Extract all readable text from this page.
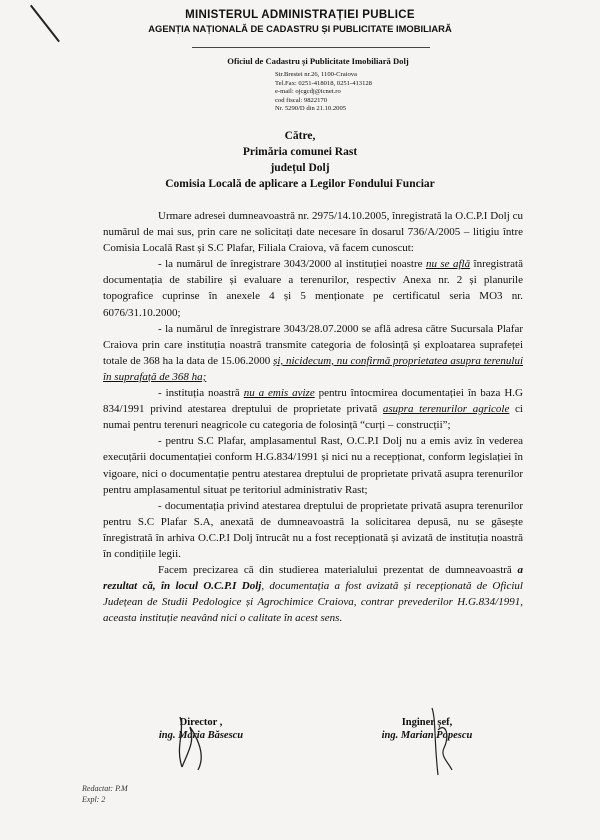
MINISTERUL ADMINISTRAȚIEI PUBLICE
AGENȚIA NAȚIONALĂ DE CADASTRU ȘI PUBLICITATE IMOBILIARĂ
Oficiul de Cadastru și Publicitate Imobiliară Dolj
Str.Brestei nr.26, 1100-Craiova
Tel.Fax: 0251-418018, 0251-413128
e-mail: ojcgcdj@icnet.ro
cod fiscal: 9822170
Nr. 5290/D din 21.10.2005
Către,
Primăria comunei Rast
județul Dolj
Comisia Locală de aplicare a Legilor Fondului Funciar

Urmare adresei dumneavoastră nr. 2975/14.10.2005, înregistrată la O.C.P.I Dolj cu numărul de mai sus, prin care ne solicitați date necesare în dosarul 736/A/2005 – litigiu între Comisia Locală Rast și S.C Plafar, Filiala Craiova, vă facem cunoscut:

- la numărul de înregistrare 3043/2000 al instituției noastre nu se află înregistrată documentația de stabilire și evaluare a terenurilor, respectiv Anexa nr. 2 și planurile topografice cuprinse în anexele 4 și 5 menționate pe certificatul seria MO3 nr. 6076/31.10.2000;

- la numărul de înregistrare 3043/28.07.2000 se află adresa către Sucursala Plafar Craiova prin care instituția noastră transmite categoria de folosință și exploatarea suprafeței totale de 368 ha la data de 15.06.2000 și, nicidecum, nu confirmă proprietatea asupra terenului în suprafață de 368 ha;

- instituția noastră nu a emis avize pentru întocmirea documentației în baza H.G 834/1991 privind atestarea dreptului de proprietate privată asupra terenurilor agricole ci numai pentru terenuri neagricole cu categoria de folosință “curți – construcții”;

- pentru S.C Plafar, amplasamentul Rast, O.C.P.I Dolj nu a emis aviz în vederea execuțării documentației conform H.G.834/1991 și nici nu a recepționat, conform legislației în vigoare, nici o documentație pentru atestarea dreptului de proprietate privată asupra terenurilor pentru amplasamentul situat pe teritoriul administrativ Rast;

- documentația privind atestarea dreptului de proprietate privată asupra terenurilor pentru S.C Plafar S.A, anexată de dumneavoastră la solicitarea depusă, nu se găsește înregistrată în arhiva O.C.P.I Dolj întrucât nu a fost recepționată și avizată de instituția noastră în condițiile legii.

Facem precizarea că din studierea materialului prezentat de dumneavoastră a rezultat că, în locul O.C.P.I Dolj, documentația a fost avizată și recepționată de Oficiul Județean de Studii Pedologice și Agrochimice Craiova, contrar prevederilor H.G.834/1991, aceasta instituție neavând nici o calitate în acest sens.

Director ,
ing. Maria Băsescu
Inginer șef,
ing. Marian Popescu
Redactat: P.M
Expl: 2
